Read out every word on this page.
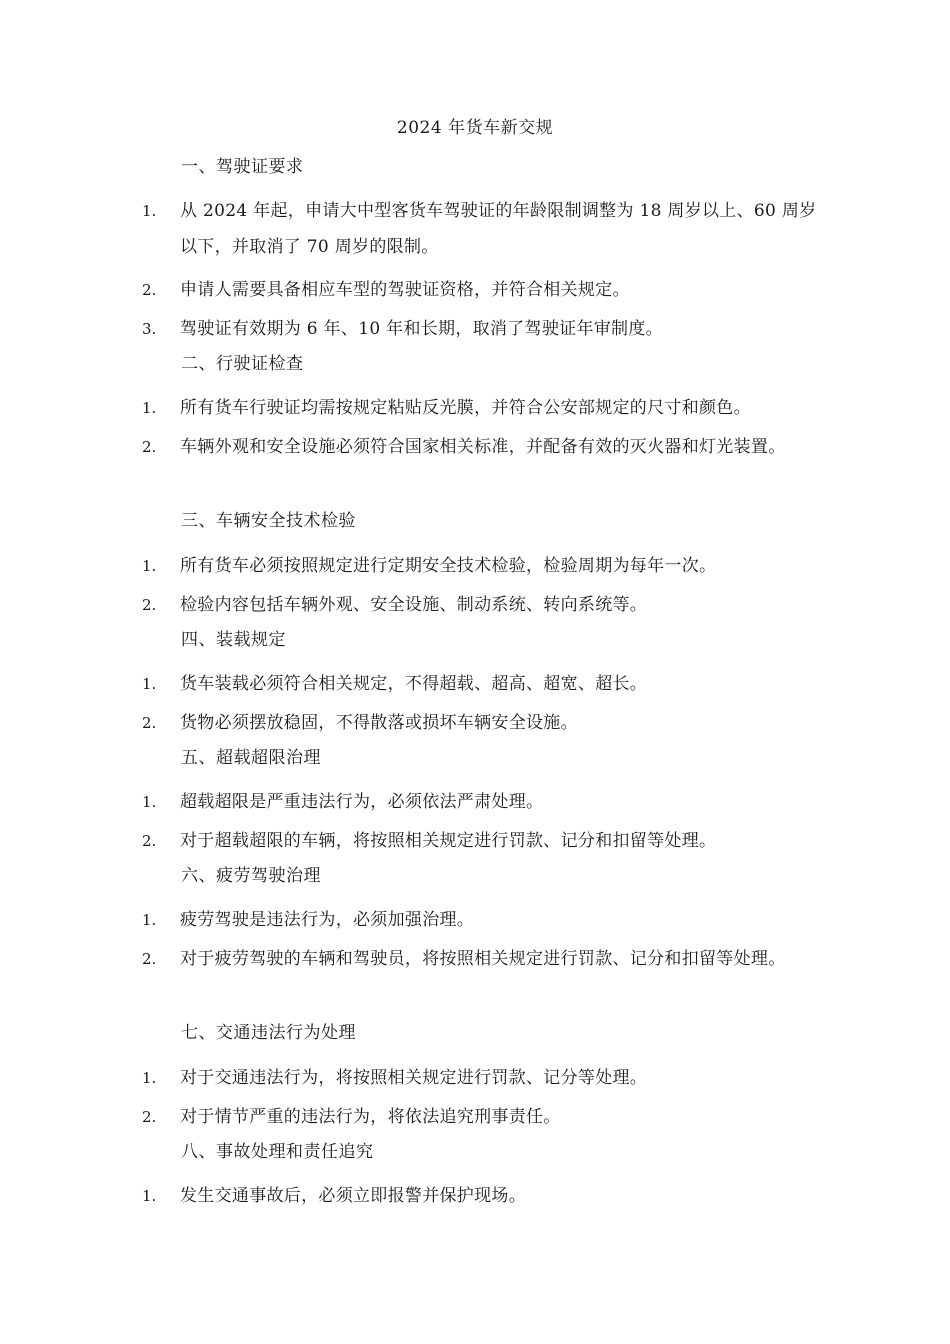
2024 年货车新交规
一、驾驶证要求
1.	从 2024 年起，申请大中型客货车驾驶证的年龄限制调整为 18 周岁以上、60 周岁以下，并取消了 70 周岁的限制。
2.	申请人需要具备相应车型的驾驶证资格，并符合相关规定。
3.	驾驶证有效期为 6 年、10 年和长期，取消了驾驶证年审制度。
二、行驶证检查
1.	所有货车行驶证均需按规定粘贴反光膜，并符合公安部规定的尺寸和颜色。
2.	车辆外观和安全设施必须符合国家相关标准，并配备有效的灭火器和灯光装置。
三、车辆安全技术检验
1.	所有货车必须按照规定进行定期安全技术检验，检验周期为每年一次。
2.	检验内容包括车辆外观、安全设施、制动系统、转向系统等。
四、装载规定
1.	货车装载必须符合相关规定，不得超载、超高、超宽、超长。
2.	货物必须摆放稳固，不得散落或损坏车辆安全设施。
五、超载超限治理
1.	超载超限是严重违法行为，必须依法严肃处理。
2.	对于超载超限的车辆，将按照相关规定进行罚款、记分和扣留等处理。
六、疲劳驾驶治理
1.	疲劳驾驶是违法行为，必须加强治理。
2.	对于疲劳驾驶的车辆和驾驶员，将按照相关规定进行罚款、记分和扣留等处理。
七、交通违法行为处理
1.	对于交通违法行为，将按照相关规定进行罚款、记分等处理。
2.	对于情节严重的违法行为，将依法追究刑事责任。
八、事故处理和责任追究
1.	发生交通事故后，必须立即报警并保护现场。
